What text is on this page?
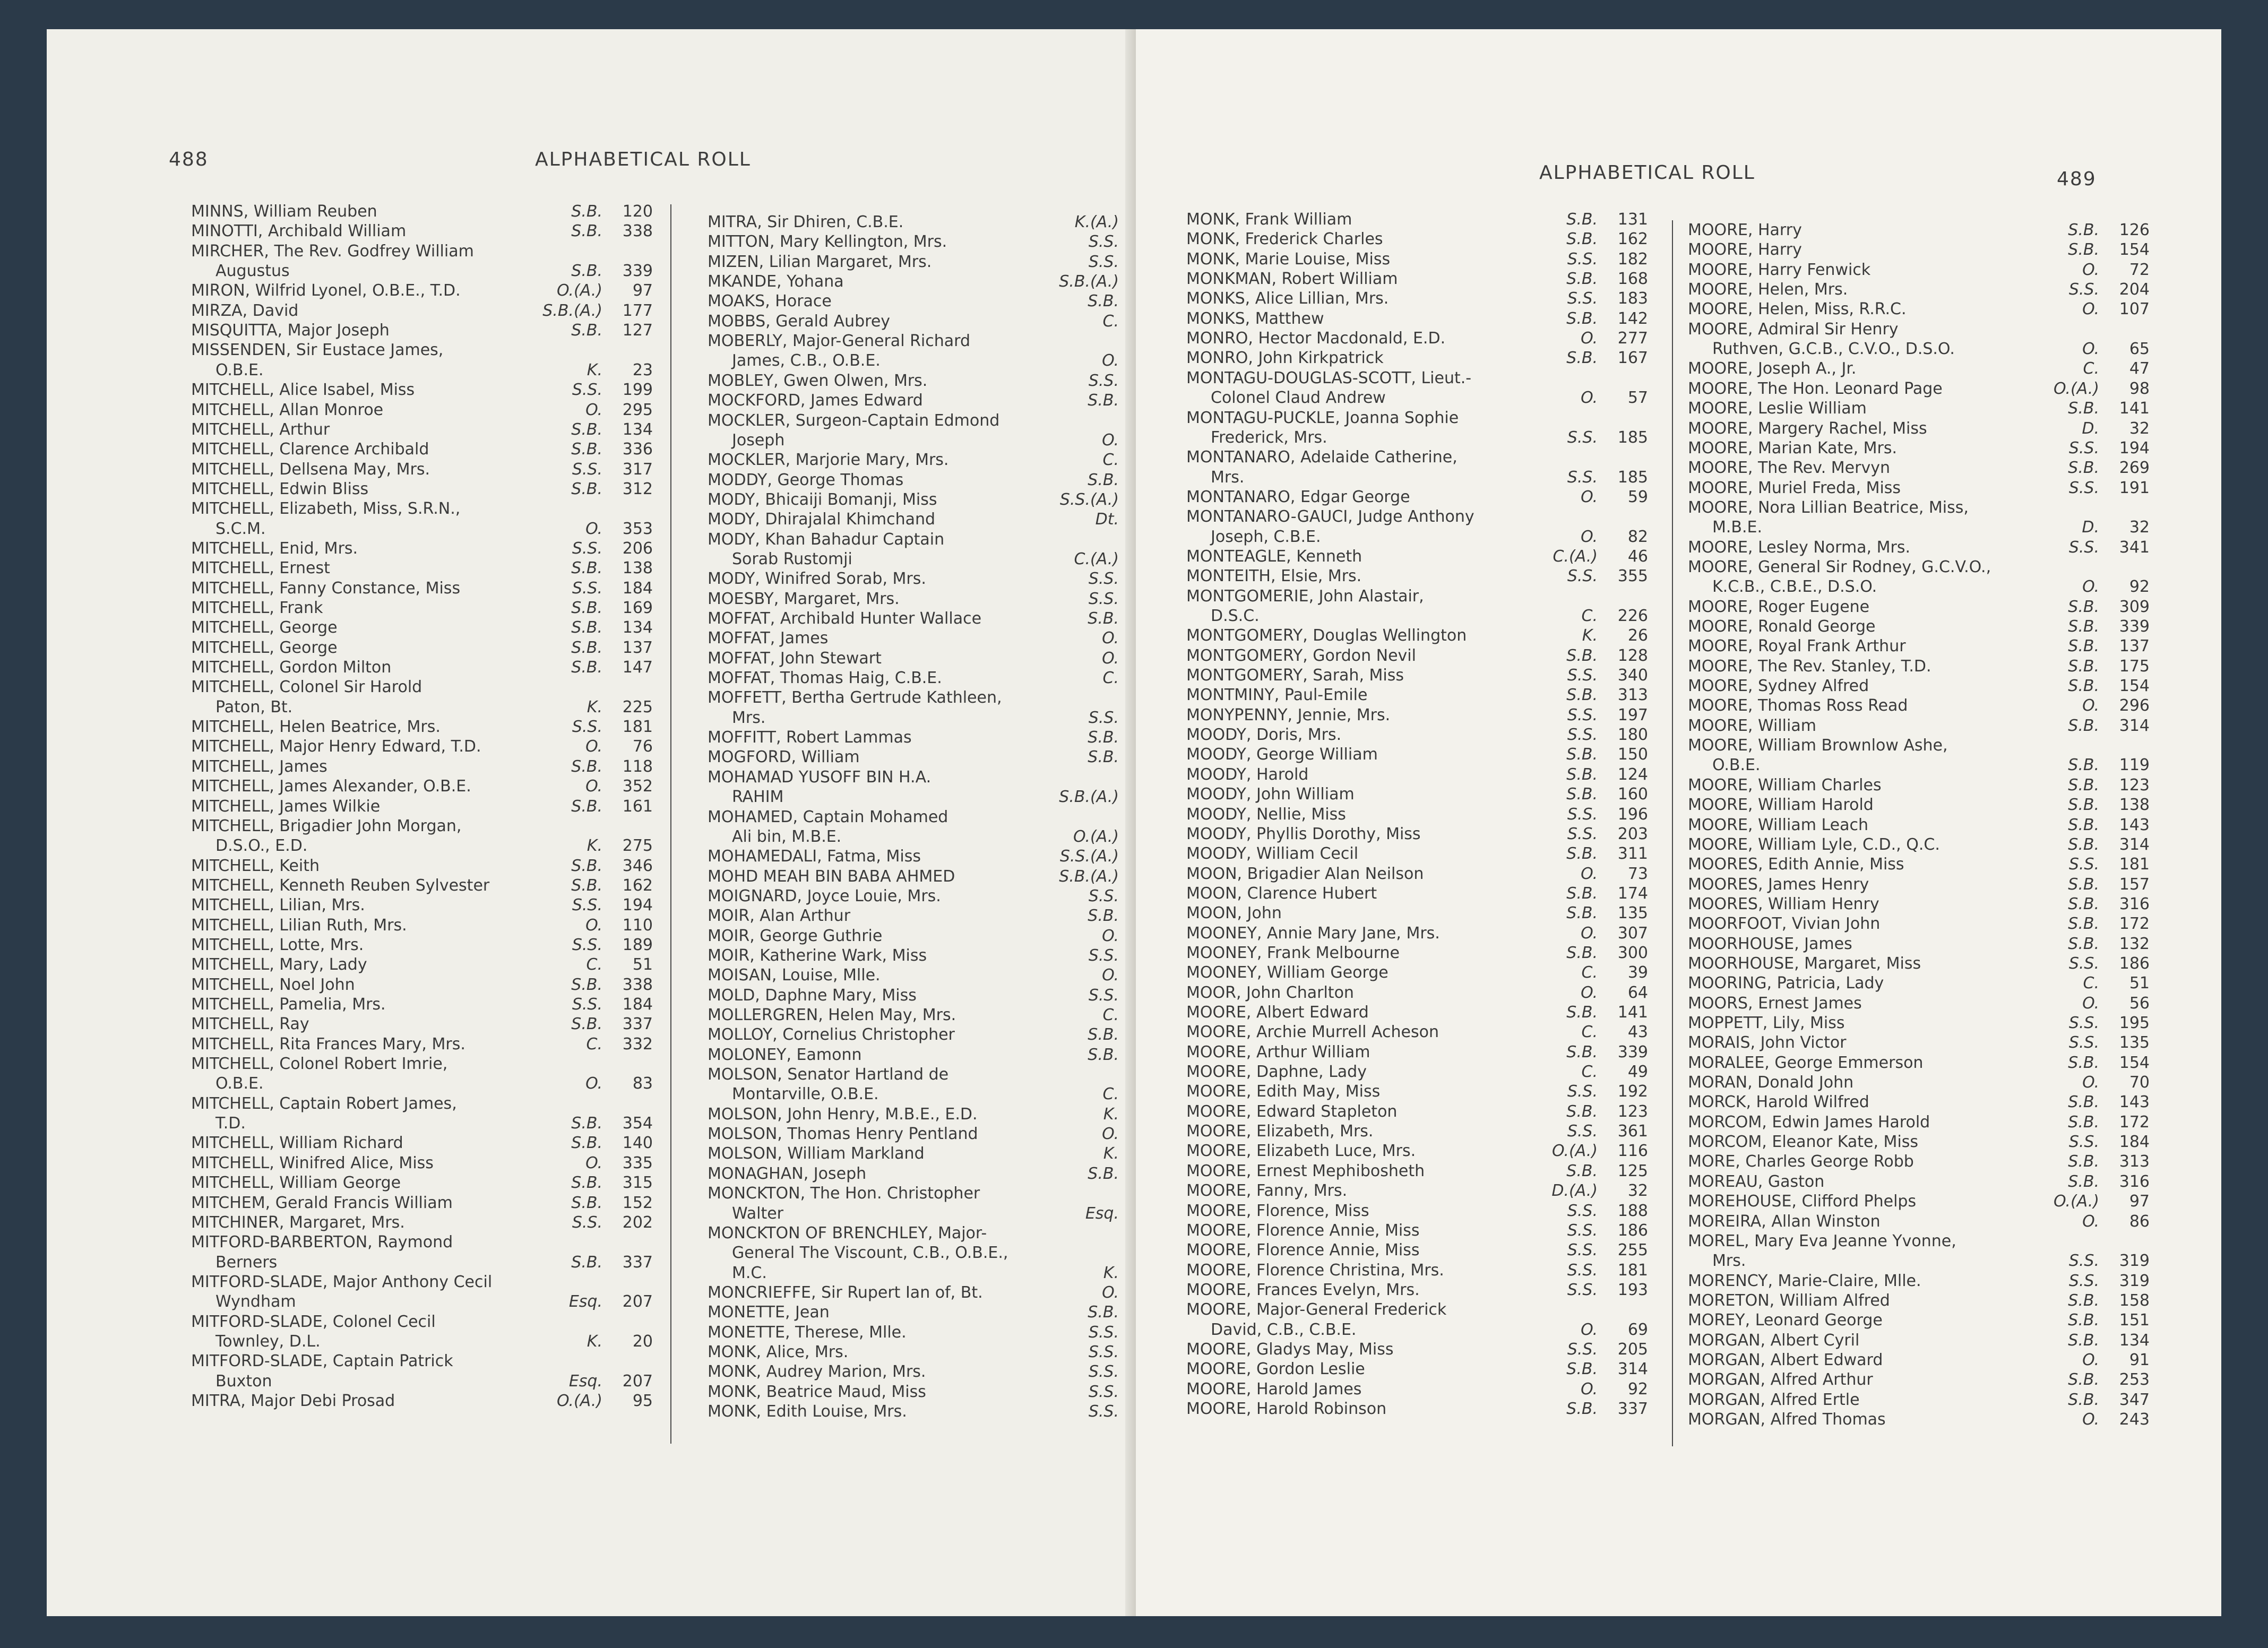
488	ALPHABETICAL ROLL
MINNS, William Reuben	S.B.	120
MINOTTI, Archibald William	S.B.	338
MIRCHER, The Rev. Godfrey William
Augustus	S.B.	339
MIRON, Wilfrid Lyonel, O.B.E., T.D.	O.(A.)	97
MIRZA, David	S.B.(A.)	177
MISQUITTA, Major Joseph	S.B.	127
MISSENDEN, Sir Eustace James,
O.B.E.	K.	23
MITCHELL, Alice Isabel, Miss	S.S.	199
MITCHELL, Allan Monroe	O.	295
MITCHELL, Arthur	S.B.	134
MITCHELL, Clarence Archibald	S.B.	336
MITCHELL, Dellsena May, Mrs.	S.S.	317
MITCHELL, Edwin Bliss	S.B.	312
MITCHELL, Elizabeth, Miss, S.R.N.,
S.C.M.	O.	353
MITCHELL, Enid, Mrs.	S.S.	206
MITCHELL, Ernest	S.B.	138
MITCHELL, Fanny Constance, Miss	S.S.	184
MITCHELL, Frank	S.B.	169
MITCHELL, George	S.B.	134
MITCHELL, George	S.B.	137
MITCHELL, Gordon Milton	S.B.	147
MITCHELL, Colonel Sir Harold
Paton, Bt.	K.	225
MITCHELL, Helen Beatrice, Mrs.	S.S.	181
MITCHELL, Major Henry Edward, T.D.	O.	76
MITCHELL, James	S.B.	118
MITCHELL, James Alexander, O.B.E.	O.	352
MITCHELL, James Wilkie	S.B.	161
MITCHELL, Brigadier John Morgan,
D.S.O., E.D.	K.	275
MITCHELL, Keith	S.B.	346
MITCHELL, Kenneth Reuben Sylvester	S.B.	162
MITCHELL, Lilian, Mrs.	S.S.	194
MITCHELL, Lilian Ruth, Mrs.	O.	110
MITCHELL, Lotte, Mrs.	S.S.	189
MITCHELL, Mary, Lady	C.	51
MITCHELL, Noel John	S.B.	338
MITCHELL, Pamelia, Mrs.	S.S.	184
MITCHELL, Ray	S.B.	337
MITCHELL, Rita Frances Mary, Mrs.	C.	332
MITCHELL, Colonel Robert Imrie,
O.B.E.	O.	83
MITCHELL, Captain Robert James,
T.D.	S.B.	354
MITCHELL, William Richard	S.B.	140
MITCHELL, Winifred Alice, Miss	O.	335
MITCHELL, William George	S.B.	315
MITCHEM, Gerald Francis William	S.B.	152
MITCHINER, Margaret, Mrs.	S.S.	202
MITFORD-BARBERTON, Raymond
Berners	S.B.	337
MITFORD-SLADE, Major Anthony Cecil
Wyndham	Esq.	207
MITFORD-SLADE, Colonel Cecil
Townley, D.L.	K.	20
MITFORD-SLADE, Captain Patrick
Buxton	Esq.	207
MITRA, Major Debi Prosad	O.(A.)	95
MITRA, Sir Dhiren, C.B.E.	K.(A.)
MITTON, Mary Kellington, Mrs.	S.S.
MIZEN, Lilian Margaret, Mrs.	S.S.
MKANDE, Yohana	S.B.(A.)
MOAKS, Horace	S.B.
MOBBS, Gerald Aubrey	C.
MOBERLY, Major-General Richard
James, C.B., O.B.E.	O.
MOBLEY, Gwen Olwen, Mrs.	S.S.
MOCKFORD, James Edward	S.B.
MOCKLER, Surgeon-Captain Edmond
Joseph	O.
MOCKLER, Marjorie Mary, Mrs.	C.
MODDY, George Thomas	S.B.
MODY, Bhicaiji Bomanji, Miss	S.S.(A.)
MODY, Dhirajalal Khimchand	Dt.
MODY, Khan Bahadur Captain
Sorab Rustomji	C.(A.)
MODY, Winifred Sorab, Mrs.	S.S.
MOESBY, Margaret, Mrs.	S.S.
MOFFAT, Archibald Hunter Wallace	S.B.
MOFFAT, James	O.
MOFFAT, John Stewart	O.
MOFFAT, Thomas Haig, C.B.E.	C.
MOFFETT, Bertha Gertrude Kathleen,
Mrs.	S.S.
MOFFITT, Robert Lammas	S.B.
MOGFORD, William	S.B.
MOHAMAD YUSOFF BIN H.A.
RAHIM	S.B.(A.)
MOHAMED, Captain Mohamed
Ali bin, M.B.E.	O.(A.)
MOHAMEDALI, Fatma, Miss	S.S.(A.)
MOHD MEAH BIN BABA AHMED	S.B.(A.)
MOIGNARD, Joyce Louie, Mrs.	S.S.
MOIR, Alan Arthur	S.B.
MOIR, George Guthrie	O.
MOIR, Katherine Wark, Miss	S.S.
MOISAN, Louise, Mlle.	O.
MOLD, Daphne Mary, Miss	S.S.
MOLLERGREN, Helen May, Mrs.	C.
MOLLOY, Cornelius Christopher	S.B.
MOLONEY, Eamonn	S.B.
MOLSON, Senator Hartland de
Montarville, O.B.E.	C.
MOLSON, John Henry, M.B.E., E.D.	K.
MOLSON, Thomas Henry Pentland	O.
MOLSON, William Markland	K.
MONAGHAN, Joseph	S.B.
MONCKTON, The Hon. Christopher
Walter	Esq.
MONCKTON OF BRENCHLEY, Major-
General The Viscount, C.B., O.B.E.,
M.C.	K.
MONCRIEFFE, Sir Rupert Ian of, Bt.	O.
MONETTE, Jean	S.B.
MONETTE, Therese, Mlle.	S.S.
MONK, Alice, Mrs.	S.S.
MONK, Audrey Marion, Mrs.	S.S.
MONK, Beatrice Maud, Miss	S.S.
MONK, Edith Louise, Mrs.	S.S.
ALPHABETICAL ROLL	489
MONK, Frank William	S.B.	131
MONK, Frederick Charles	S.B.	162
MONK, Marie Louise, Miss	S.S.	182
MONKMAN, Robert William	S.B.	168
MONKS, Alice Lillian, Mrs.	S.S.	183
MONKS, Matthew	S.B.	142
MONRO, Hector Macdonald, E.D.	O.	277
MONRO, John Kirkpatrick	S.B.	167
MONTAGU-DOUGLAS-SCOTT, Lieut.-
Colonel Claud Andrew	O.	57
MONTAGU-PUCKLE, Joanna Sophie
Frederick, Mrs.	S.S.	185
MONTANARO, Adelaide Catherine,
Mrs.	S.S.	185
MONTANARO, Edgar George	O.	59
MONTANARO-GAUCI, Judge Anthony
Joseph, C.B.E.	O.	82
MONTEAGLE, Kenneth	C.(A.)	46
MONTEITH, Elsie, Mrs.	S.S.	355
MONTGOMERIE, John Alastair,
D.S.C.	C.	226
MONTGOMERY, Douglas Wellington	K.	26
MONTGOMERY, Gordon Nevil	S.B.	128
MONTGOMERY, Sarah, Miss	S.S.	340
MONTMINY, Paul-Emile	S.B.	313
MONYPENNY, Jennie, Mrs.	S.S.	197
MOODY, Doris, Mrs.	S.S.	180
MOODY, George William	S.B.	150
MOODY, Harold	S.B.	124
MOODY, John William	S.B.	160
MOODY, Nellie, Miss	S.S.	196
MOODY, Phyllis Dorothy, Miss	S.S.	203
MOODY, William Cecil	S.B.	311
MOON, Brigadier Alan Neilson	O.	73
MOON, Clarence Hubert	S.B.	174
MOON, John	S.B.	135
MOONEY, Annie Mary Jane, Mrs.	O.	307
MOONEY, Frank Melbourne	S.B.	300
MOONEY, William George	C.	39
MOOR, John Charlton	O.	64
MOORE, Albert Edward	S.B.	141
MOORE, Archie Murrell Acheson	C.	43
MOORE, Arthur William	S.B.	339
MOORE, Daphne, Lady	C.	49
MOORE, Edith May, Miss	S.S.	192
MOORE, Edward Stapleton	S.B.	123
MOORE, Elizabeth, Mrs.	S.S.	361
MOORE, Elizabeth Luce, Mrs.	O.(A.)	116
MOORE, Ernest Mephibosheth	S.B.	125
MOORE, Fanny, Mrs.	D.(A.)	32
MOORE, Florence, Miss	S.S.	188
MOORE, Florence Annie, Miss	S.S.	186
MOORE, Florence Annie, Miss	S.S.	255
MOORE, Florence Christina, Mrs.	S.S.	181
MOORE, Frances Evelyn, Mrs.	S.S.	193
MOORE, Major-General Frederick
David, C.B., C.B.E.	O.	69
MOORE, Gladys May, Miss	S.S.	205
MOORE, Gordon Leslie	S.B.	314
MOORE, Harold James	O.	92
MOORE, Harold Robinson	S.B.	337
MOORE, Harry	S.B.	126
MOORE, Harry	S.B.	154
MOORE, Harry Fenwick	O.	72
MOORE, Helen, Mrs.	S.S.	204
MOORE, Helen, Miss, R.R.C.	O.	107
MOORE, Admiral Sir Henry
Ruthven, G.C.B., C.V.O., D.S.O.	O.	65
MOORE, Joseph A., Jr.	C.	47
MOORE, The Hon. Leonard Page	O.(A.)	98
MOORE, Leslie William	S.B.	141
MOORE, Margery Rachel, Miss	D.	32
MOORE, Marian Kate, Mrs.	S.S.	194
MOORE, The Rev. Mervyn	S.B.	269
MOORE, Muriel Freda, Miss	S.S.	191
MOORE, Nora Lillian Beatrice, Miss,
M.B.E.	D.	32
MOORE, Lesley Norma, Mrs.	S.S.	341
MOORE, General Sir Rodney, G.C.V.O.,
K.C.B., C.B.E., D.S.O.	O.	92
MOORE, Roger Eugene	S.B.	309
MOORE, Ronald George	S.B.	339
MOORE, Royal Frank Arthur	S.B.	137
MOORE, The Rev. Stanley, T.D.	S.B.	175
MOORE, Sydney Alfred	S.B.	154
MOORE, Thomas Ross Read	O.	296
MOORE, William	S.B.	314
MOORE, William Brownlow Ashe,
O.B.E.	S.B.	119
MOORE, William Charles	S.B.	123
MOORE, William Harold	S.B.	138
MOORE, William Leach	S.B.	143
MOORE, William Lyle, C.D., Q.C.	S.B.	314
MOORES, Edith Annie, Miss	S.S.	181
MOORES, James Henry	S.B.	157
MOORES, William Henry	S.B.	316
MOORFOOT, Vivian John	S.B.	172
MOORHOUSE, James	S.B.	132
MOORHOUSE, Margaret, Miss	S.S.	186
MOORING, Patricia, Lady	C.	51
MOORS, Ernest James	O.	56
MOPPETT, Lily, Miss	S.S.	195
MORAIS, John Victor	S.S.	135
MORALEE, George Emmerson	S.B.	154
MORAN, Donald John	O.	70
MORCK, Harold Wilfred	S.B.	143
MORCOM, Edwin James Harold	S.B.	172
MORCOM, Eleanor Kate, Miss	S.S.	184
MORE, Charles George Robb	S.B.	313
MOREAU, Gaston	S.B.	316
MOREHOUSE, Clifford Phelps	O.(A.)	97
MOREIRA, Allan Winston	O.	86
MOREL, Mary Eva Jeanne Yvonne,
Mrs.	S.S.	319
MORENCY, Marie-Claire, Mlle.	S.S.	319
MORETON, William Alfred	S.B.	158
MOREY, Leonard George	S.B.	151
MORGAN, Albert Cyril	S.B.	134
MORGAN, Albert Edward	O.	91
MORGAN, Alfred Arthur	S.B.	253
MORGAN, Alfred Ertle	S.B.	347
MORGAN, Alfred Thomas	O.	243
